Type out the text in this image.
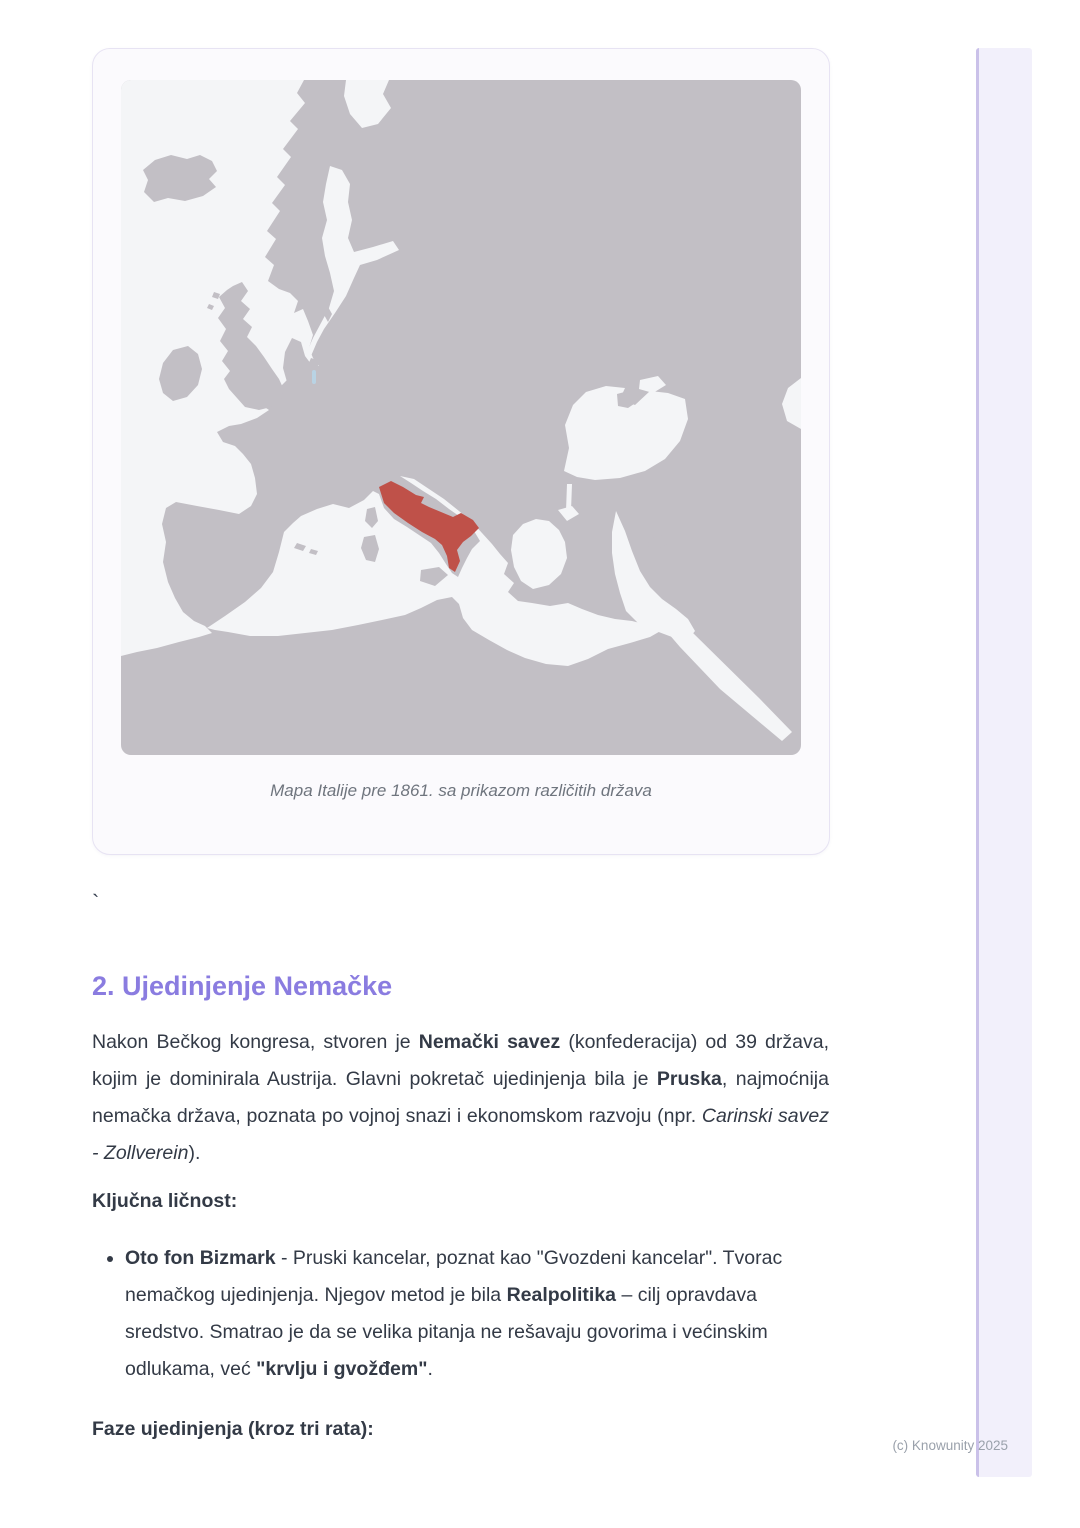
Mapa Italije pre 1861. sa prikazom različitih država
`
2. Ujedinjenje Nemačke

Nakon Bečkog kongresa, stvoren je Nemački savez (konfederacija) od 39 država, kojim je dominirala Austrija. Glavni pokretač ujedinjenja bila je Pruska, najmoćnija nemačka država, poznata po vojnoj snazi i ekonomskom razvoju (npr. Carinski savez - Zollverein).

Ključna ličnost:

• Oto fon Bizmark - Pruski kancelar, poznat kao "Gvozdeni kancelar". Tvorac nemačkog ujedinjenja. Njegov metod je bila Realpolitika – cilj opravdava sredstvo. Smatrao je da se velika pitanja ne rešavaju govorima i većinskim odlukama, već "krvlju i gvožđem".

Faze ujedinjenja (kroz tri rata):

(c) Knowunity 2025
